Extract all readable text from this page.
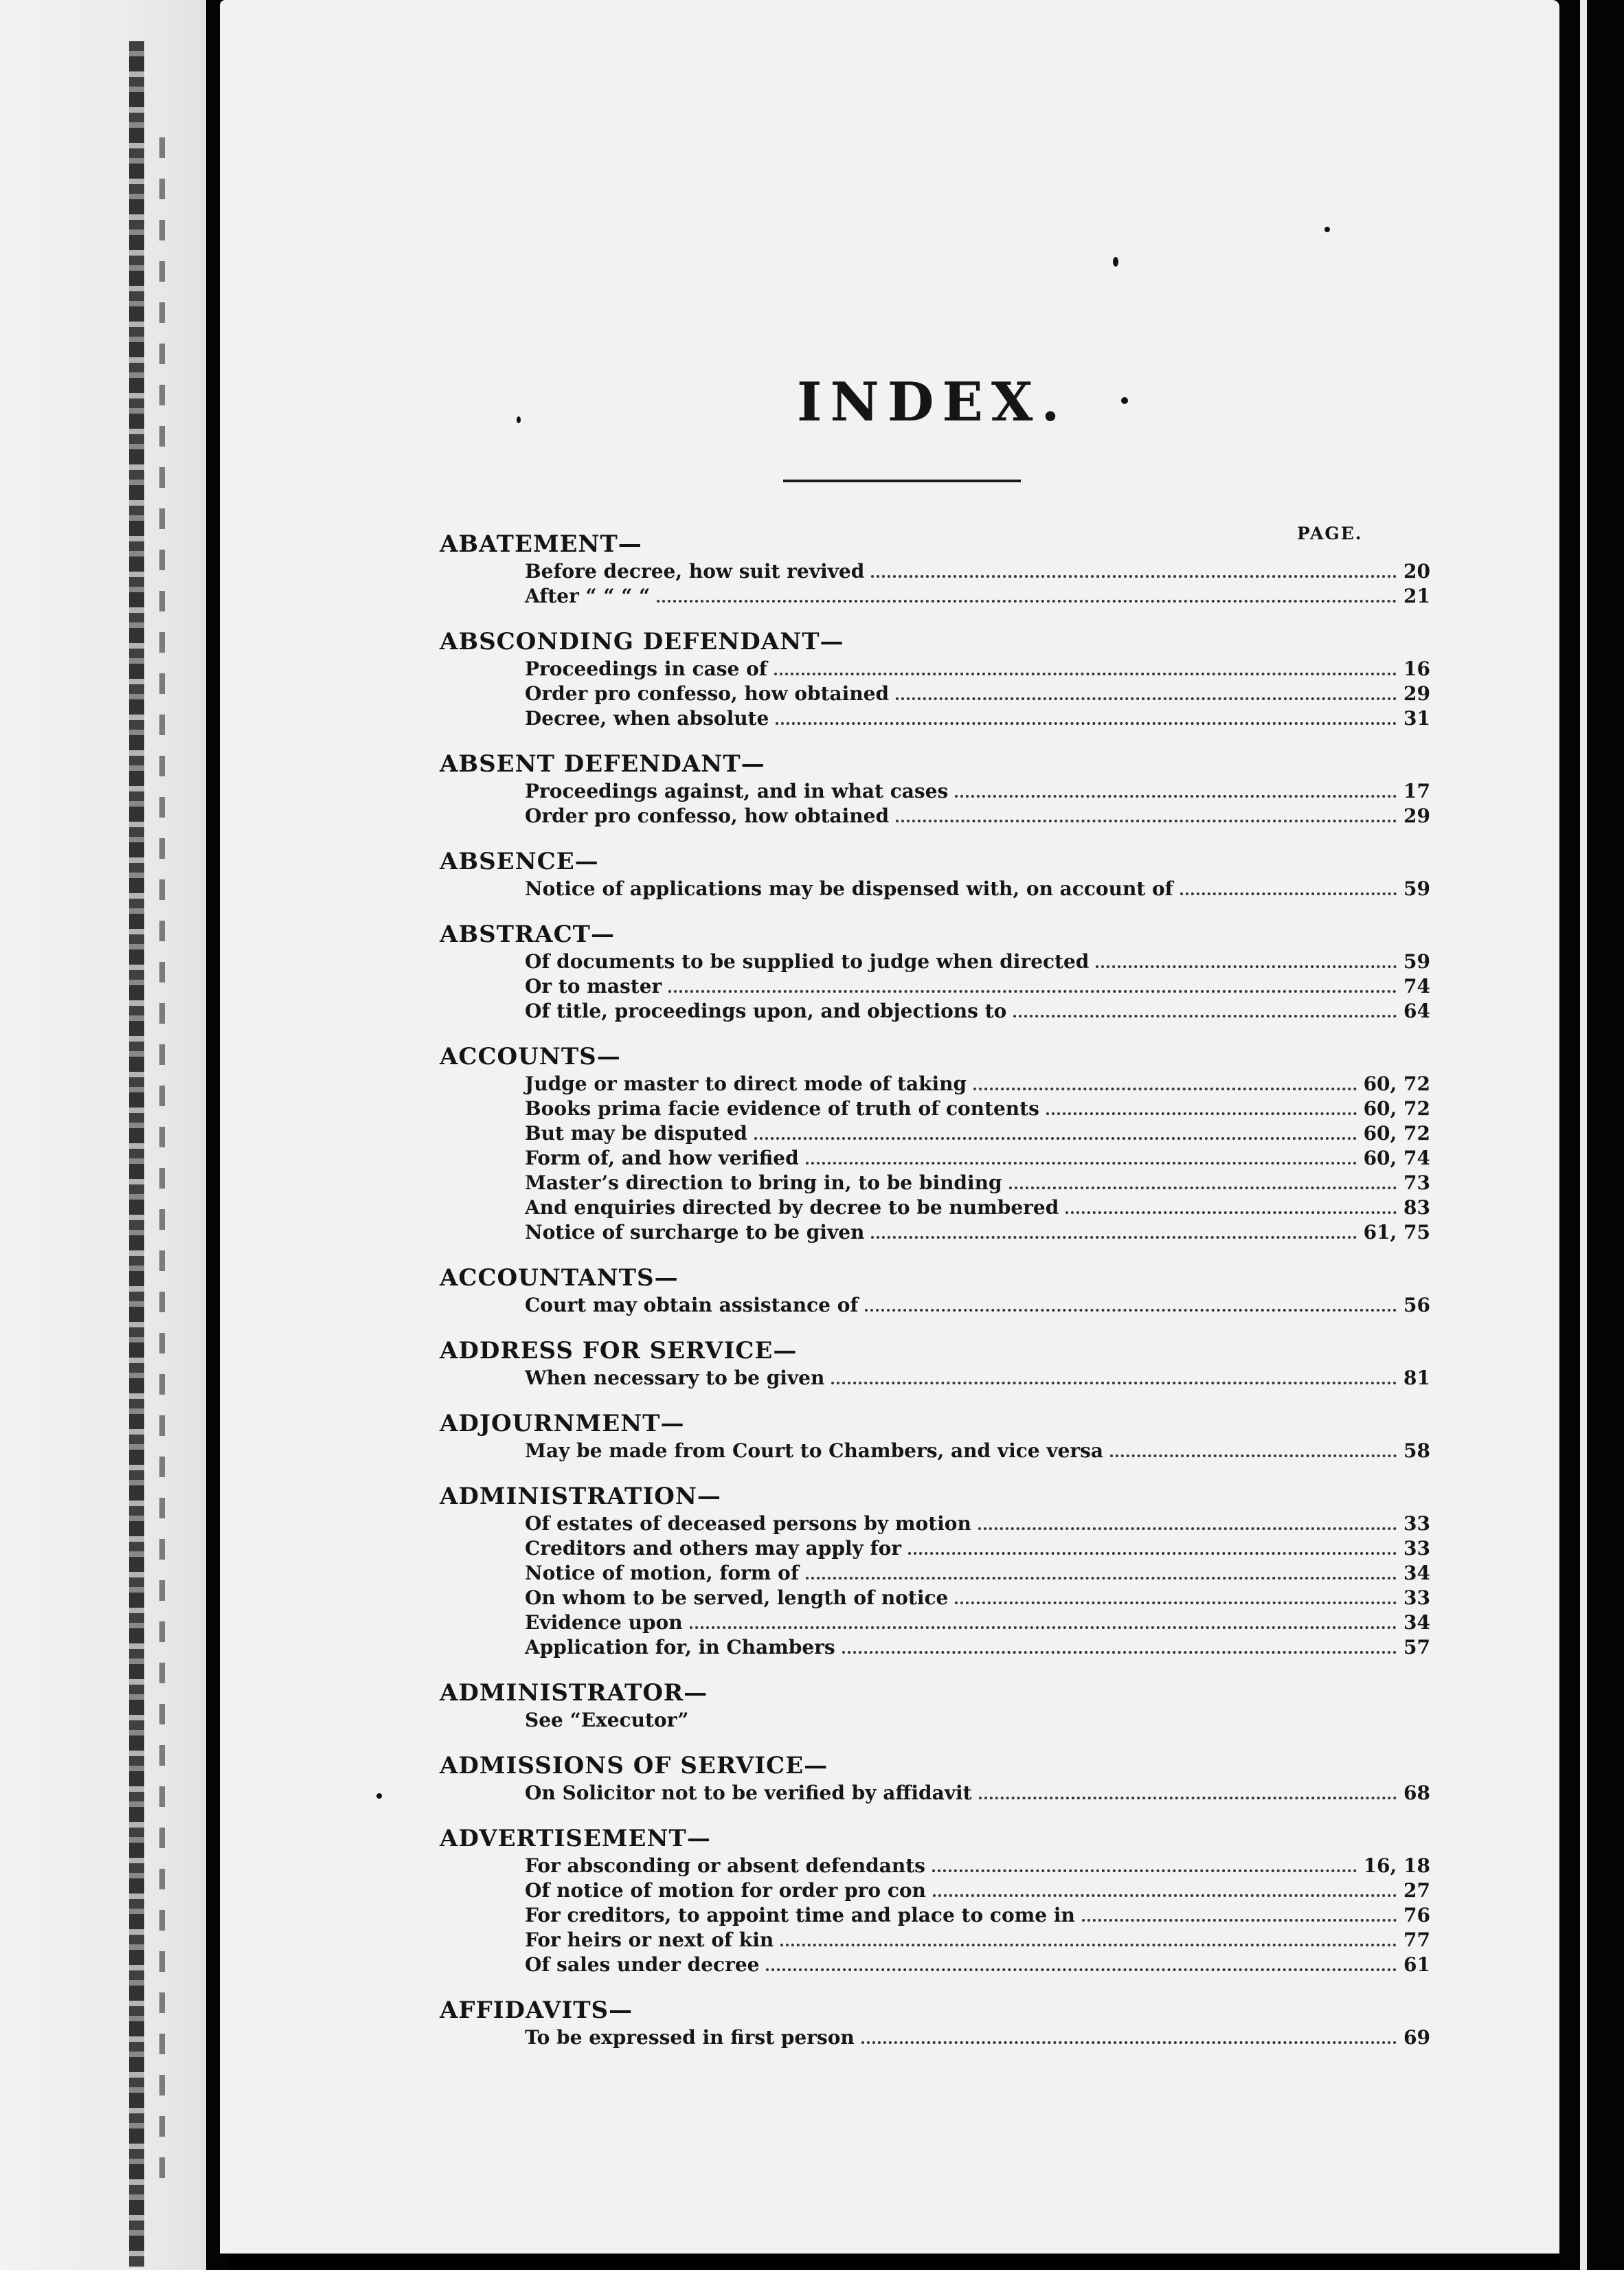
INDEX.
PAGE.
ABATEMENT—
Before decree, how suit revived	20
After “ “ “ “	21
ABSCONDING DEFENDANT—
Proceedings in case of	16
Order pro confesso, how obtained	29
Decree, when absolute	31
ABSENT DEFENDANT—
Proceedings against, and in what cases	17
Order pro confesso, how obtained	29
ABSENCE—
Notice of applications may be dispensed with, on account of	59
ABSTRACT—
Of documents to be supplied to judge when directed	59
Or to master	74
Of title, proceedings upon, and objections to	64
ACCOUNTS—
Judge or master to direct mode of taking	60, 72
Books prima facie evidence of truth of contents	60, 72
But may be disputed	60, 72
Form of, and how verified	60, 74
Master’s direction to bring in, to be binding	73
And enquiries directed by decree to be numbered	83
Notice of surcharge to be given	61, 75
ACCOUNTANTS—
Court may obtain assistance of	56
ADDRESS FOR SERVICE—
When necessary to be given	81
ADJOURNMENT—
May be made from Court to Chambers, and vice versa	58
ADMINISTRATION—
Of estates of deceased persons by motion	33
Creditors and others may apply for	33
Notice of motion, form of	34
On whom to be served, length of notice	33
Evidence upon	34
Application for, in Chambers	57
ADMINISTRATOR—
See “Executor”
ADMISSIONS OF SERVICE—
On Solicitor not to be verified by affidavit	68
ADVERTISEMENT—
For absconding or absent defendants	16, 18
Of notice of motion for order pro con	27
For creditors, to appoint time and place to come in	76
For heirs or next of kin	77
Of sales under decree	61
AFFIDAVITS—
To be expressed in first person	69
